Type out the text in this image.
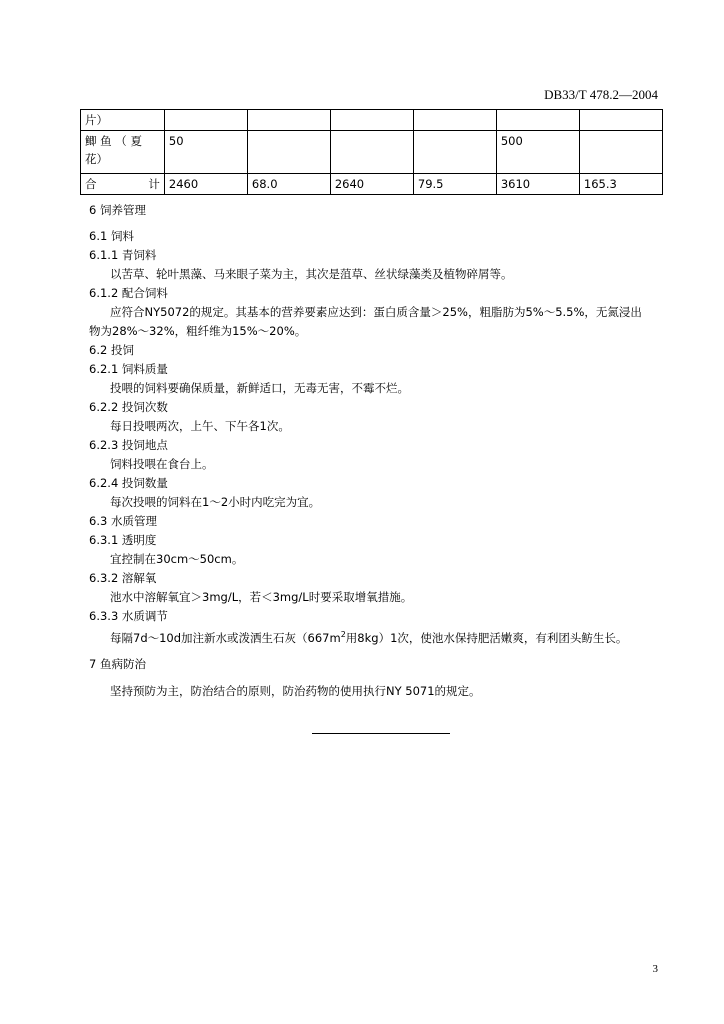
DB33/T 478.2—2004
片）						

鲫 鱼 （ 夏
花）	50				500	

合 计	2460	68.0	2640	79.5	3610	165.3
6 饲养管理
6.1 饲料
6.1.1 青饲料
以苦草、轮叶黑藻、马来眼子菜为主，其次是菹草、丝状绿藻类及植物碎屑等。
6.1.2 配合饲料
应符合NY5072的规定。其基本的营养要素应达到：蛋白质含量＞25%，粗脂肪为5%～5.5%，无氮浸出
物为28%～32%，粗纤维为15%～20%。
6.2 投饲
6.2.1 饲料质量
投喂的饲料要确保质量，新鲜适口，无毒无害，不霉不烂。
6.2.2 投饲次数
每日投喂两次，上午、下午各1次。
6.2.3 投饲地点
饲料投喂在食台上。
6.2.4 投饲数量
每次投喂的饲料在1～2小时内吃完为宜。
6.3 水质管理
6.3.1 透明度
宜控制在30cm～50cm。
6.3.2 溶解氧
池水中溶解氧宜＞3mg/L，若＜3mg/L时要采取增氧措施。
6.3.3 水质调节
每隔7d～10d加注新水或泼洒生石灰（$667m^2$用8kg）1次，使池水保持肥活嫩爽，有利团头鲂生长。
7 鱼病防治
坚持预防为主，防治结合的原则，防治药物的使用执行NY 5071的规定。
3
